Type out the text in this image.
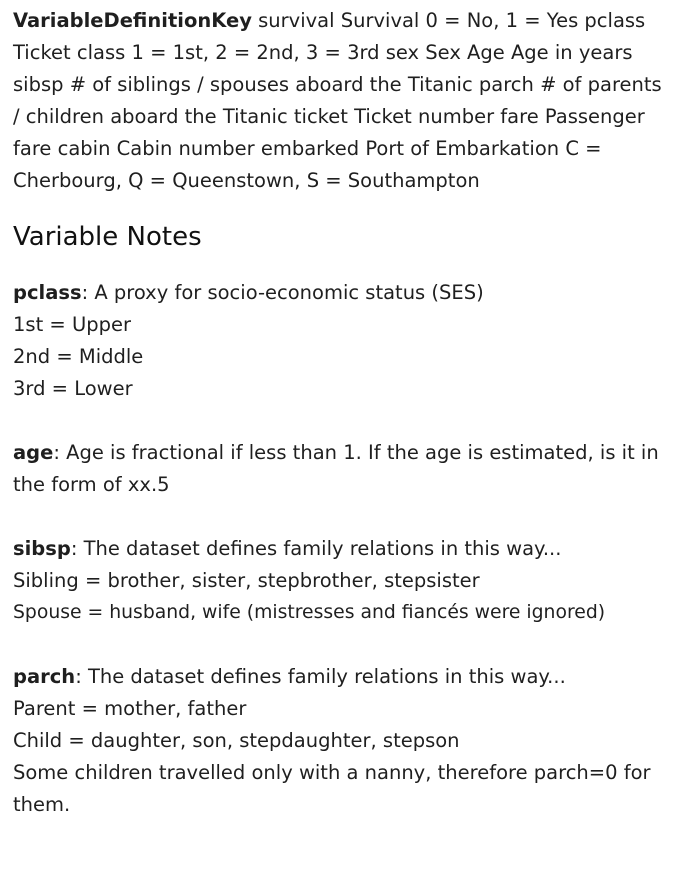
VariableDefinitionKey survival Survival 0 = No, 1 = Yes pclass Ticket class 1 = 1st, 2 = 2nd, 3 = 3rd sex Sex Age Age in years sibsp # of siblings / spouses aboard the Titanic parch # of parents / children aboard the Titanic ticket Ticket number fare Passenger fare cabin Cabin number embarked Port of Embarkation C = Cherbourg, Q = Queenstown, S = Southampton

Variable Notes
pclass: A proxy for socio-economic status (SES)
1st = Upper
2nd = Middle
3rd = Lower
age: Age is fractional if less than 1. If the age is estimated, is it in the form of xx.5
sibsp: The dataset defines family relations in this way...
Sibling = brother, sister, stepbrother, stepsister
Spouse = husband, wife (mistresses and fiancés were ignored)
parch: The dataset defines family relations in this way...
Parent = mother, father
Child = daughter, son, stepdaughter, stepson
Some children travelled only with a nanny, therefore parch=0 for them.
